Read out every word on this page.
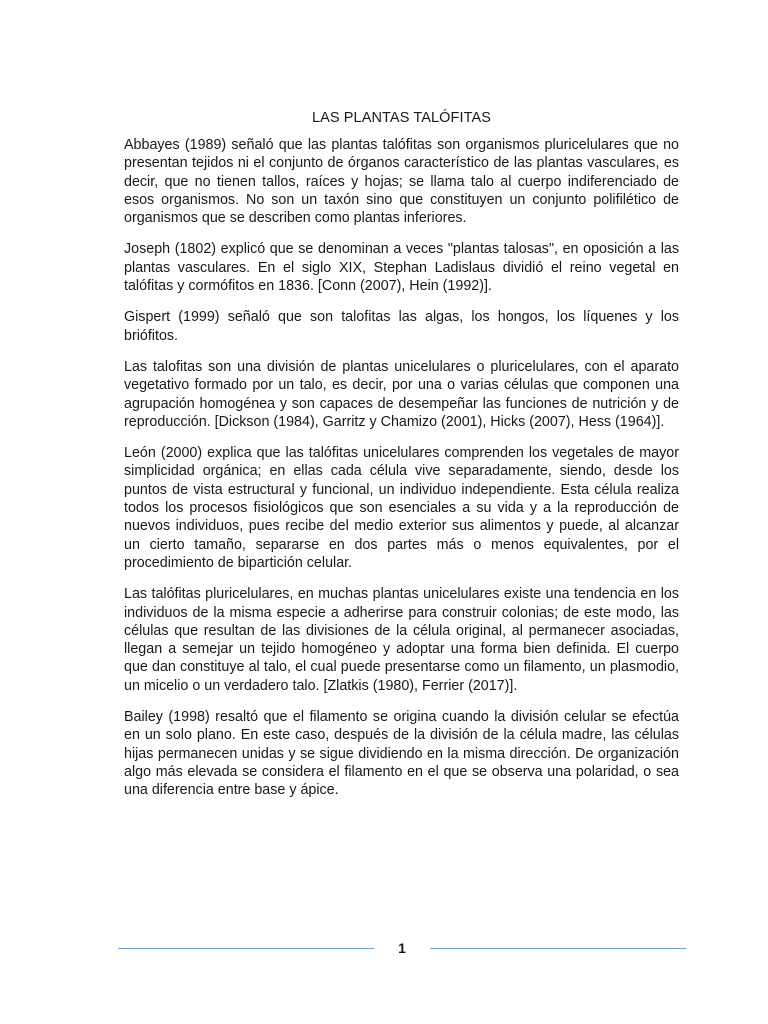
LAS PLANTAS TALÓFITAS

Abbayes (1989) señaló que las plantas talófitas son organismos pluricelulares que no presentan tejidos ni el conjunto de órganos característico de las plantas vasculares, es decir, que no tienen tallos, raíces y hojas; se llama talo al cuerpo indiferenciado de esos organismos. No son un taxón sino que constituyen un conjunto polifilético de organismos que se describen como plantas inferiores.

Joseph (1802) explicó que se denominan a veces "plantas talosas", en oposición a las plantas vasculares. En el siglo XIX, Stephan Ladislaus dividió el reino vegetal en talófitas y cormófitos en 1836. [Conn (2007), Hein (1992)].

Gispert (1999) señaló que son talofitas las algas, los hongos, los líquenes y los briófitos.

Las talofitas son una división de plantas unicelulares o pluricelulares, con el aparato vegetativo formado por un talo, es decir, por una o varias células que componen una agrupación homogénea y son capaces de desempeñar las funciones de nutrición y de reproducción. [Dickson (1984), Garritz y Chamizo (2001), Hicks (2007), Hess (1964)].

León (2000) explica que las talófitas unicelulares comprenden los vegetales de mayor simplicidad orgánica; en ellas cada célula vive separadamente, siendo, desde los puntos de vista estructural y funcional, un individuo independiente. Esta célula realiza todos los procesos fisiológicos que son esenciales a su vida y a la reproducción de nuevos individuos, pues recibe del medio exterior sus alimentos y puede, al alcanzar un cierto tamaño, separarse en dos partes más o menos equivalentes, por el procedimiento de bipartición celular.

Las talófitas pluricelulares, en muchas plantas unicelulares existe una tendencia en los individuos de la misma especie a adherirse para construir colonias; de este modo, las células que resultan de las divisiones de la célula original, al permanecer asociadas, llegan a semejar un tejido homogéneo y adoptar una forma bien definida. El cuerpo que dan constituye al talo, el cual puede presentarse como un filamento, un plasmodio, un micelio o un verdadero talo. [Zlatkis (1980), Ferrier (2017)].

Bailey (1998) resaltó que el filamento se origina cuando la división celular se efectúa en un solo plano. En este caso, después de la división de la célula madre, las células hijas permanecen unidas y se sigue dividiendo en la misma dirección. De organización algo más elevada se considera el filamento en el que se observa una polaridad, o sea una diferencia entre base y ápice.

1
